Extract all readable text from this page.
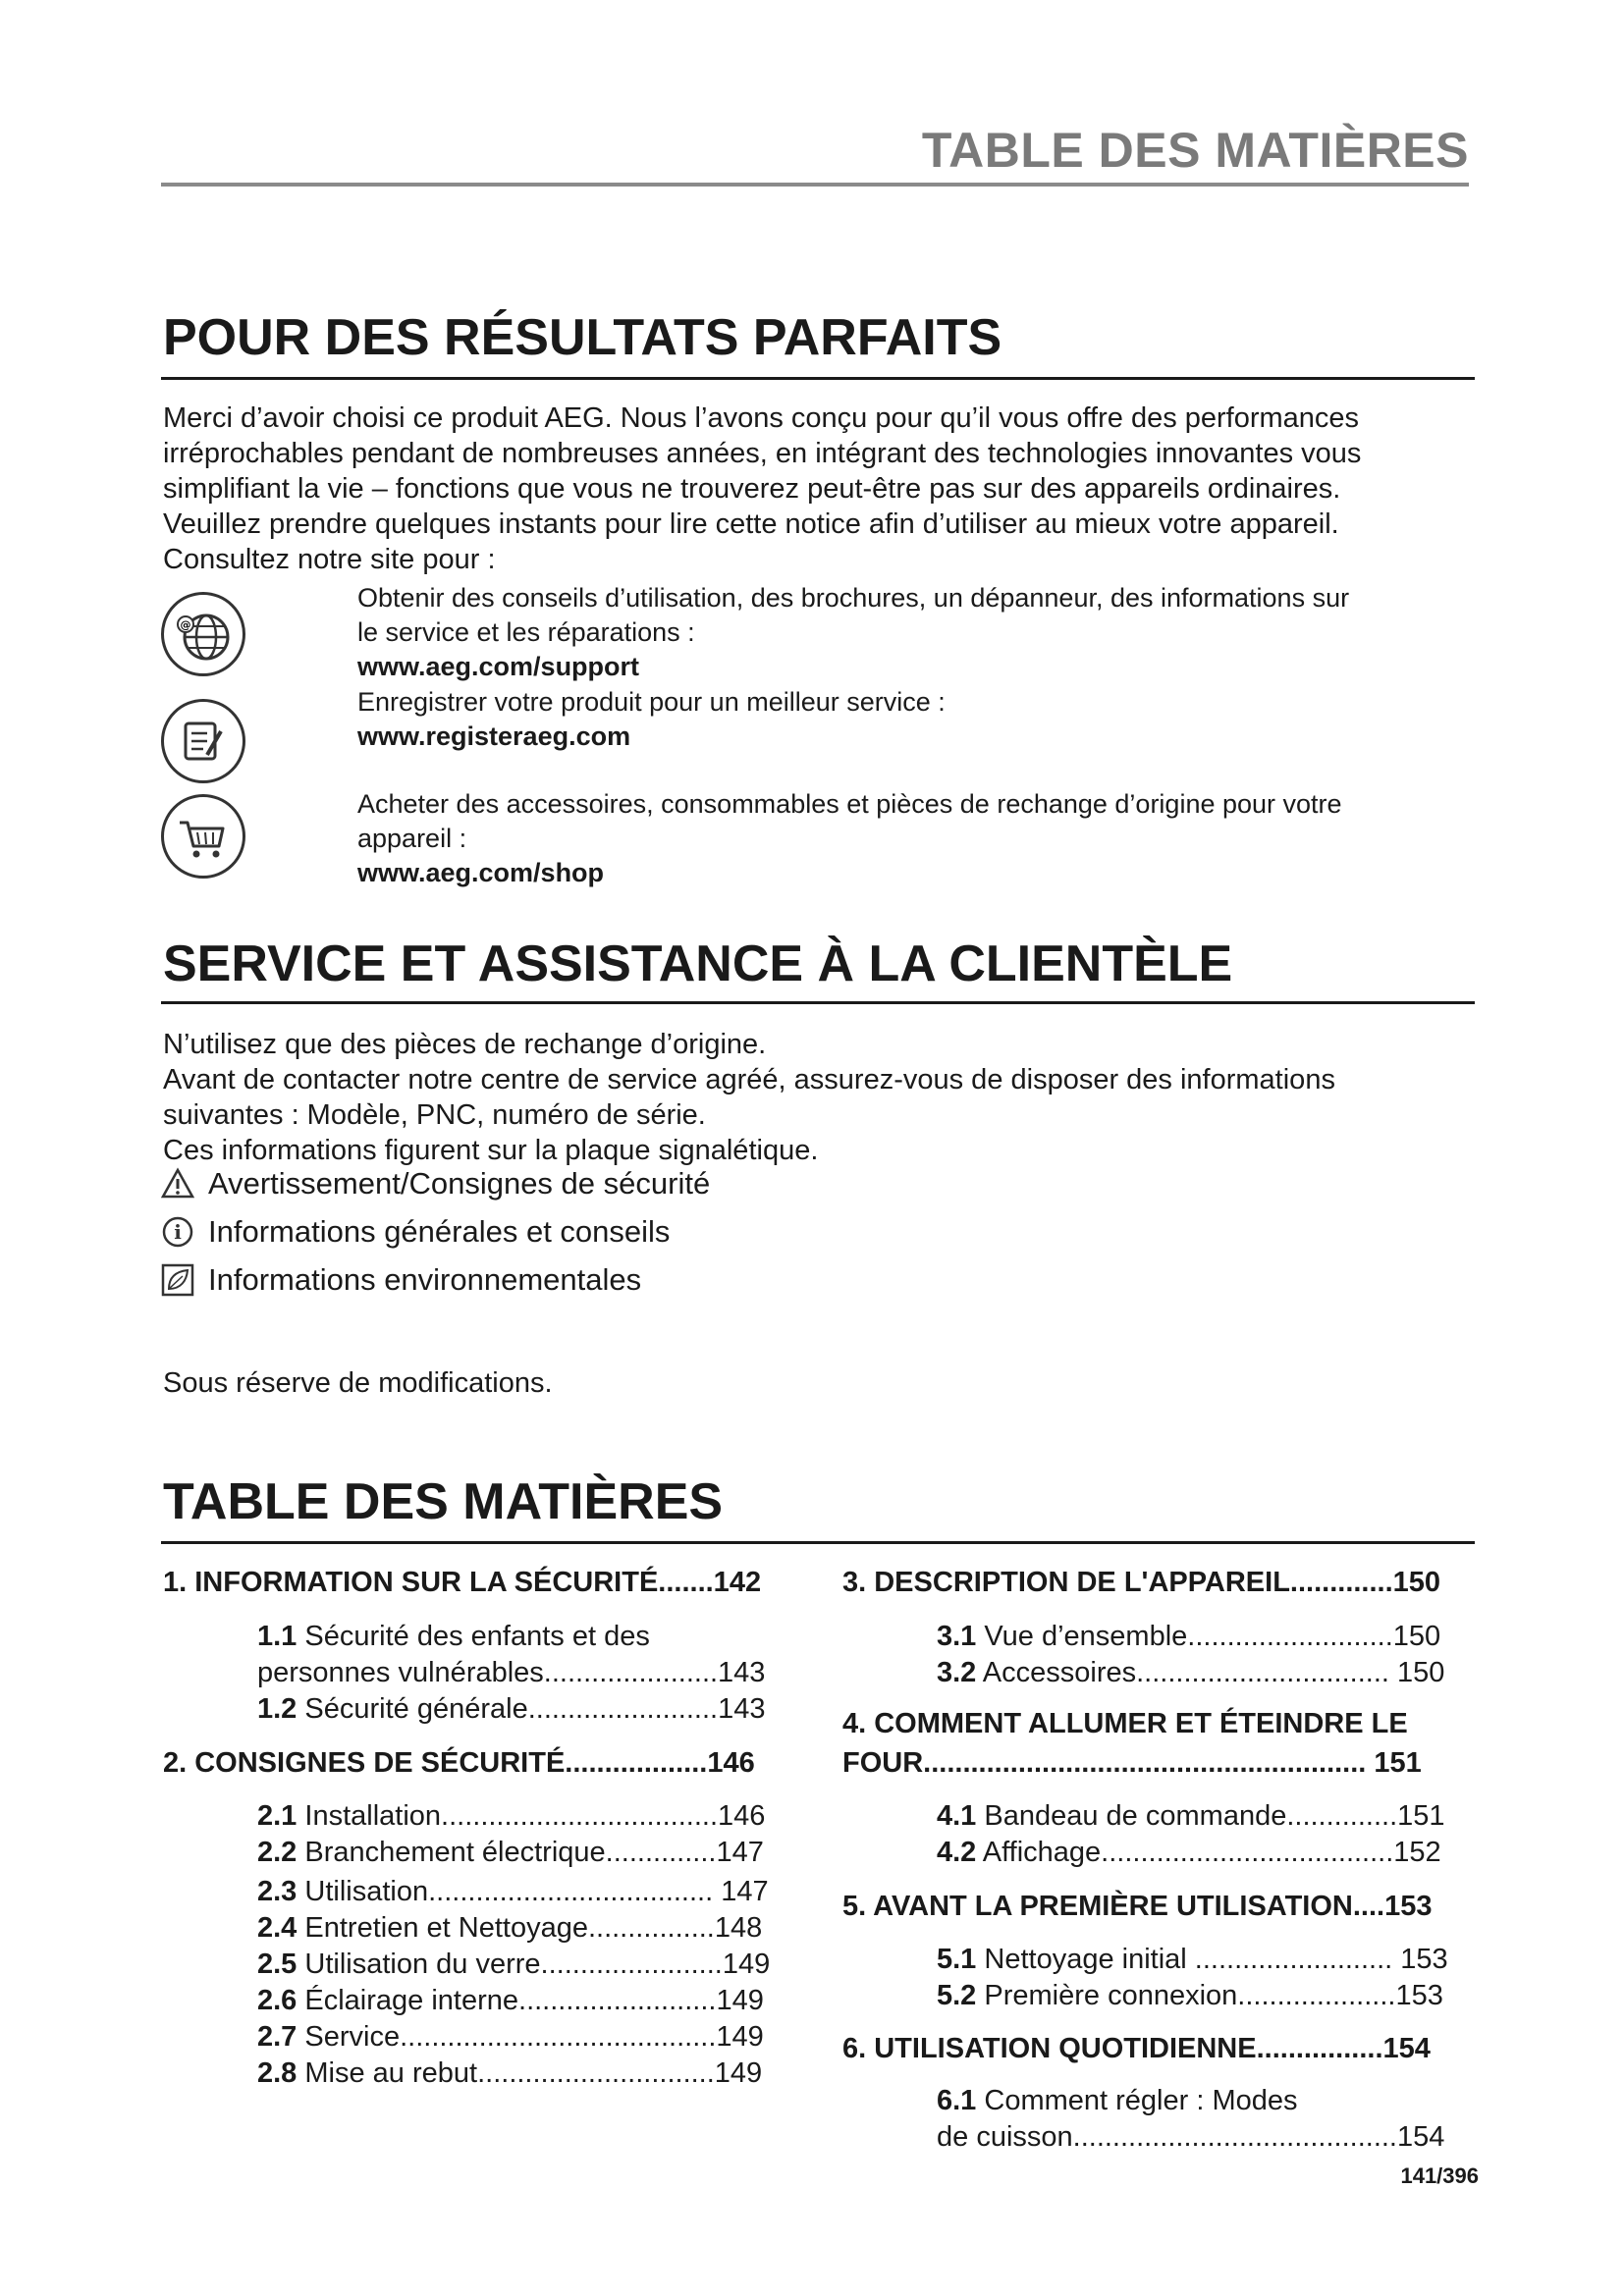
TABLE DES MATIÈRES
POUR DES RÉSULTATS PARFAITS
Merci d’avoir choisi ce produit AEG. Nous l’avons conçu pour qu’il vous offre des performances
irréprochables pendant de nombreuses années, en intégrant des technologies innovantes vous
simplifiant la vie – fonctions que vous ne trouverez peut-être pas sur des appareils ordinaires.
Veuillez prendre quelques instants pour lire cette notice afin d’utiliser au mieux votre appareil.
Consultez notre site pour :
@
Obtenir des conseils d’utilisation, des brochures, un dépanneur, des informations sur
le service et les réparations :
www.aeg.com/support
Enregistrer votre produit pour un meilleur service :
www.registeraeg.com
Acheter des accessoires, consommables et pièces de rechange d’origine pour votre
appareil :
www.aeg.com/shop
SERVICE ET ASSISTANCE À LA CLIENTÈLE
N’utilisez que des pièces de rechange d’origine.
Avant de contacter notre centre de service agréé, assurez-vous de disposer des informations
suivantes : Modèle, PNC, numéro de série.
Ces informations figurent sur la plaque signalétique.
Avertissement/Consignes de sécurité
i Informations générales et conseils
Informations environnementales
Sous réserve de modifications.
TABLE DES MATIÈRES
1. INFORMATION SUR LA SÉCURITÉ.......142
1.1 Sécurité des enfants et des
personnes vulnérables......................143
1.2 Sécurité générale........................143
2. CONSIGNES DE SÉCURITÉ..................146
2.1 Installation...................................146
2.2 Branchement électrique..............147
2.3 Utilisation.................................... 147
2.4 Entretien et Nettoyage................148
2.5 Utilisation du verre.......................149
2.6 Éclairage interne.........................149
2.7 Service........................................149
2.8 Mise au rebut..............................149
3. DESCRIPTION DE L'APPAREIL.............150
3.1 Vue d’ensemble..........................150
3.2 Accessoires................................ 150
4. COMMENT ALLUMER ET ÉTEINDRE LE
FOUR........................................................ 151
4.1 Bandeau de commande..............151
4.2 Affichage.....................................152
5. AVANT LA PREMIÈRE UTILISATION....153
5.1 Nettoyage initial ......................... 153
5.2 Première connexion....................153
6. UTILISATION QUOTIDIENNE................154
6.1 Comment régler : Modes
de cuisson.........................................154
141/396
